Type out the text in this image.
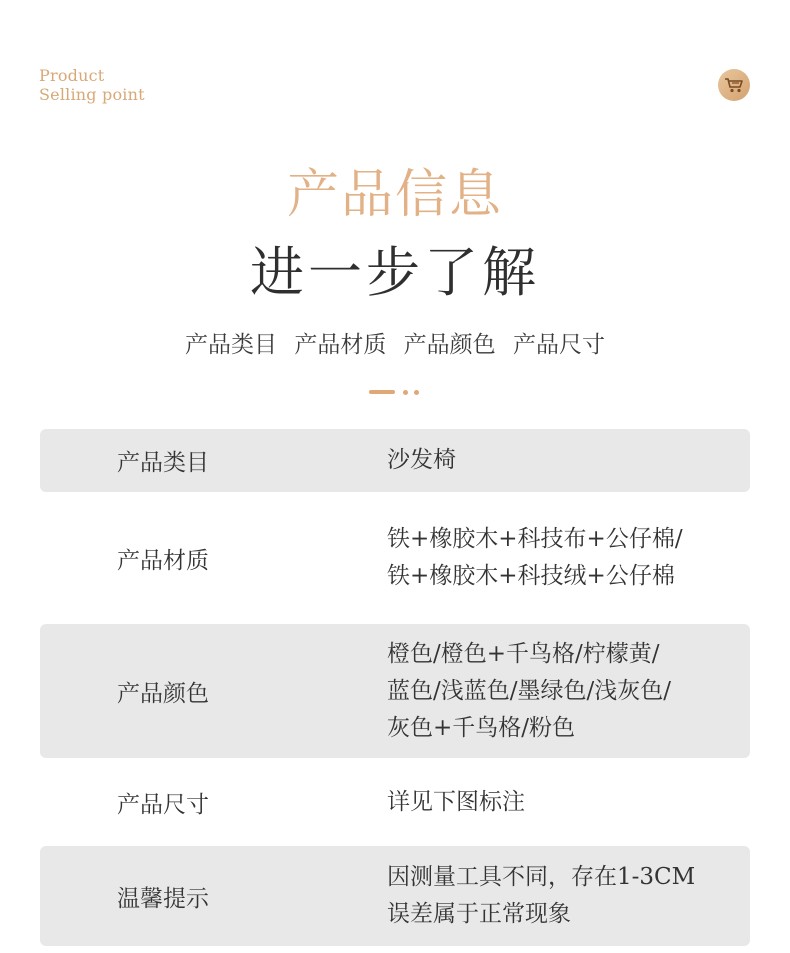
Product
Selling point
产品信息
进一步了解
产品类目 产品材质 产品颜色 产品尺寸
产品类目	沙发椅
产品材质
铁+橡胶木+科技布+公仔棉/
铁+橡胶木+科技绒+公仔棉
产品颜色
橙色/橙色+千鸟格/柠檬黄/
蓝色/浅蓝色/墨绿色/浅灰色/
灰色+千鸟格/粉色
产品尺寸	详见下图标注
温馨提示
因测量工具不同，存在1-3CM
误差属于正常现象
